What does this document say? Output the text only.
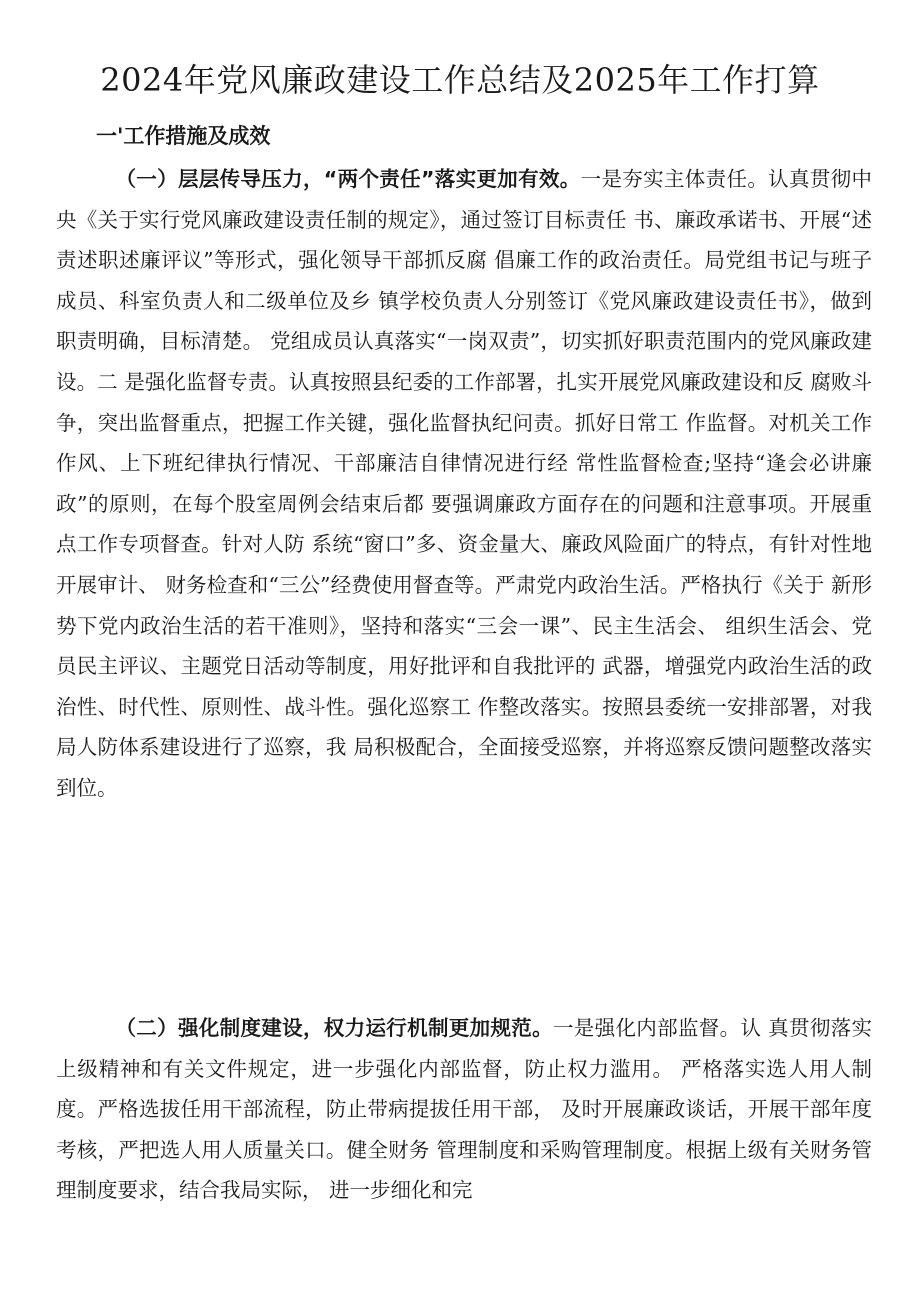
2024年党风廉政建设工作总结及2025年工作打算
一'工作措施及成效

（一）层层传导压力，“两个责任”落实更加有效。一是夯实主体责任。认真贯彻中央《关于实行党风廉政建设责任制的规定》，通过签订目标责任 书、廉政承诺书、开展“述责述职述廉评议”等形式，强化领导干部抓反腐 倡廉工作的政治责任。局党组书记与班子成员、科室负责人和二级单位及乡 镇学校负责人分别签订《党风廉政建设责任书》，做到职责明确，目标清楚。 党组成员认真落实“一岗双责”，切实抓好职责范围内的党风廉政建设。二 是强化监督专责。认真按照县纪委的工作部署，扎实开展党风廉政建设和反 腐败斗争，突出监督重点，把握工作关键，强化监督执纪问责。抓好日常工 作监督。对机关工作作风、上下班纪律执行情况、干部廉洁自律情况进行经 常性监督检查;坚持“逢会必讲廉政”的原则，在每个股室周例会结束后都 要强调廉政方面存在的问题和注意事项。开展重点工作专项督查。针对人防 系统“窗口”多、资金量大、廉政风险面广的特点，有针对性地开展审计、 财务检查和“三公”经费使用督查等。严肃党内政治生活。严格执行《关于 新形势下党内政治生活的若干准则》，坚持和落实“三会一课”、民主生活会、 组织生活会、党员民主评议、主题党日活动等制度，用好批评和自我批评的 武器，增强党内政治生活的政治性、时代性、原则性、战斗性。强化巡察工 作整改落实。按照县委统一安排部署，对我局人防体系建设进行了巡察，我 局积极配合，全面接受巡察，并将巡察反馈问题整改落实到位。

（二）强化制度建设，权力运行机制更加规范。一是强化内部监督。认 真贯彻落实上级精神和有关文件规定，进一步强化内部监督，防止权力滥用。 严格落实选人用人制度。严格选拔任用干部流程，防止带病提拔任用干部， 及时开展廉政谈话，开展干部年度考核，严把选人用人质量关口。健全财务 管理制度和采购管理制度。根据上级有关财务管理制度要求，结合我局实际， 进一步细化和完
